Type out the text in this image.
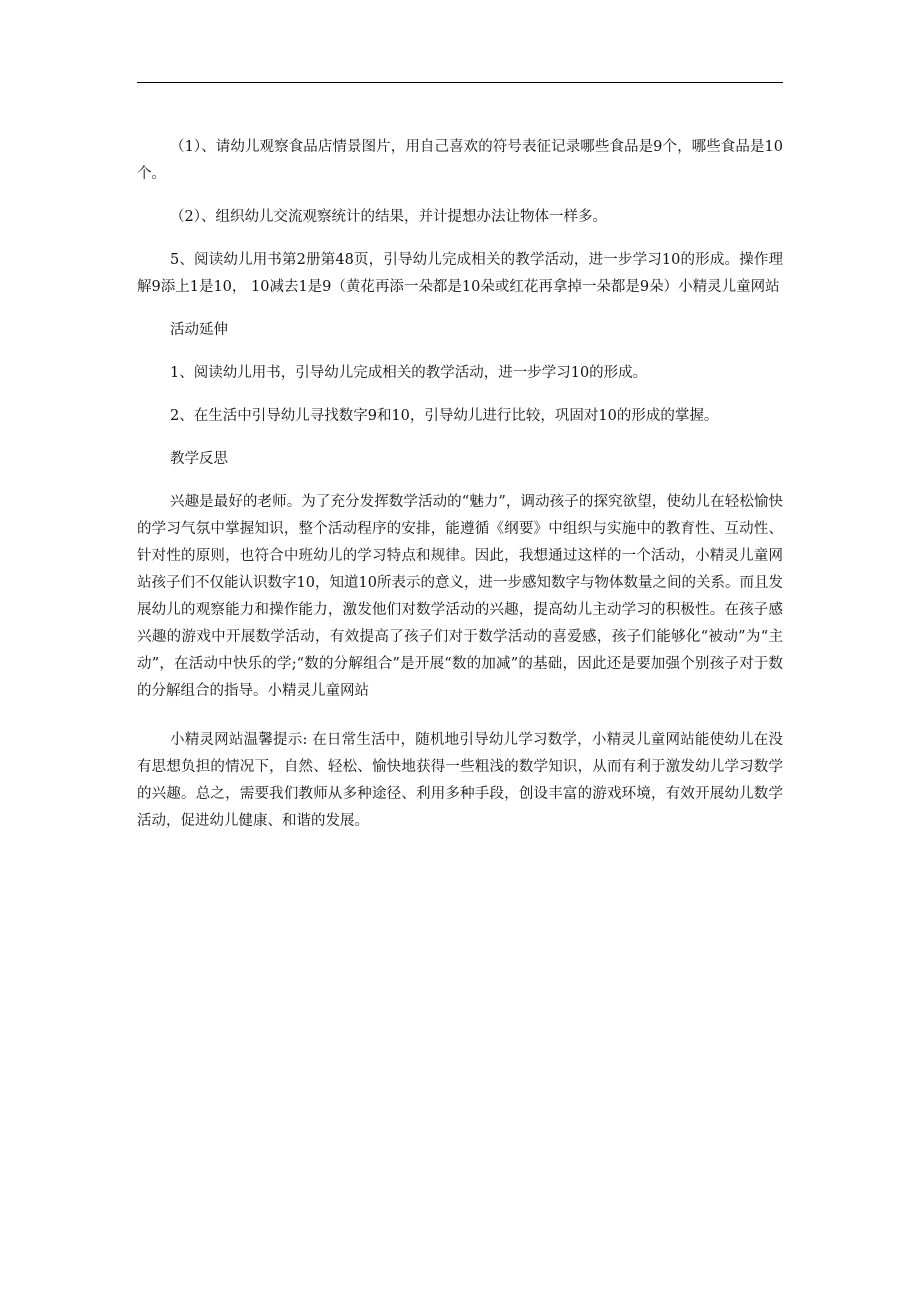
（1）、请幼儿观察食品店情景图片，用自己喜欢的符号表征记录哪些食品是9个，哪些食品是10个。

（2）、组织幼儿交流观察统计的结果，并计提想办法让物体一样多。

5、阅读幼儿用书第2册第48页，引导幼儿完成相关的教学活动，进一步学习10的形成。操作理解9添上1是10， 10减去1是9（黄花再添一朵都是10朵或红花再拿掉一朵都是9朵）小精灵儿童网站

活动延伸

1、阅读幼儿用书，引导幼儿完成相关的教学活动，进一步学习10的形成。

2、在生活中引导幼儿寻找数字9和10，引导幼儿进行比较，巩固对10的形成的掌握。

教学反思

兴趣是最好的老师。为了充分发挥数学活动的“魅力”，调动孩子的探究欲望，使幼儿在轻松愉快的学习气氛中掌握知识，整个活动程序的安排，能遵循《纲要》中组织与实施中的教育性、互动性、针对性的原则，也符合中班幼儿的学习特点和规律。因此，我想通过这样的一个活动，小精灵儿童网站孩子们不仅能认识数字10，知道10所表示的意义，进一步感知数字与物体数量之间的关系。而且发展幼儿的观察能力和操作能力，激发他们对数学活动的兴趣，提高幼儿主动学习的积极性。在孩子感兴趣的游戏中开展数学活动，有效提高了孩子们对于数学活动的喜爱感，孩子们能够化“被动”为“主动”，在活动中快乐的学;“数的分解组合”是开展“数的加减”的基础，因此还是要加强个别孩子对于数的分解组合的指导。小精灵儿童网站

小精灵网站温馨提示: 在日常生活中，随机地引导幼儿学习数学，小精灵儿童网站能使幼儿在没有思想负担的情况下，自然、轻松、愉快地获得一些粗浅的数学知识，从而有利于激发幼儿学习数学的兴趣。总之，需要我们教师从多种途径、利用多种手段，创设丰富的游戏环境，有效开展幼儿数学活动，促进幼儿健康、和谐的发展。
